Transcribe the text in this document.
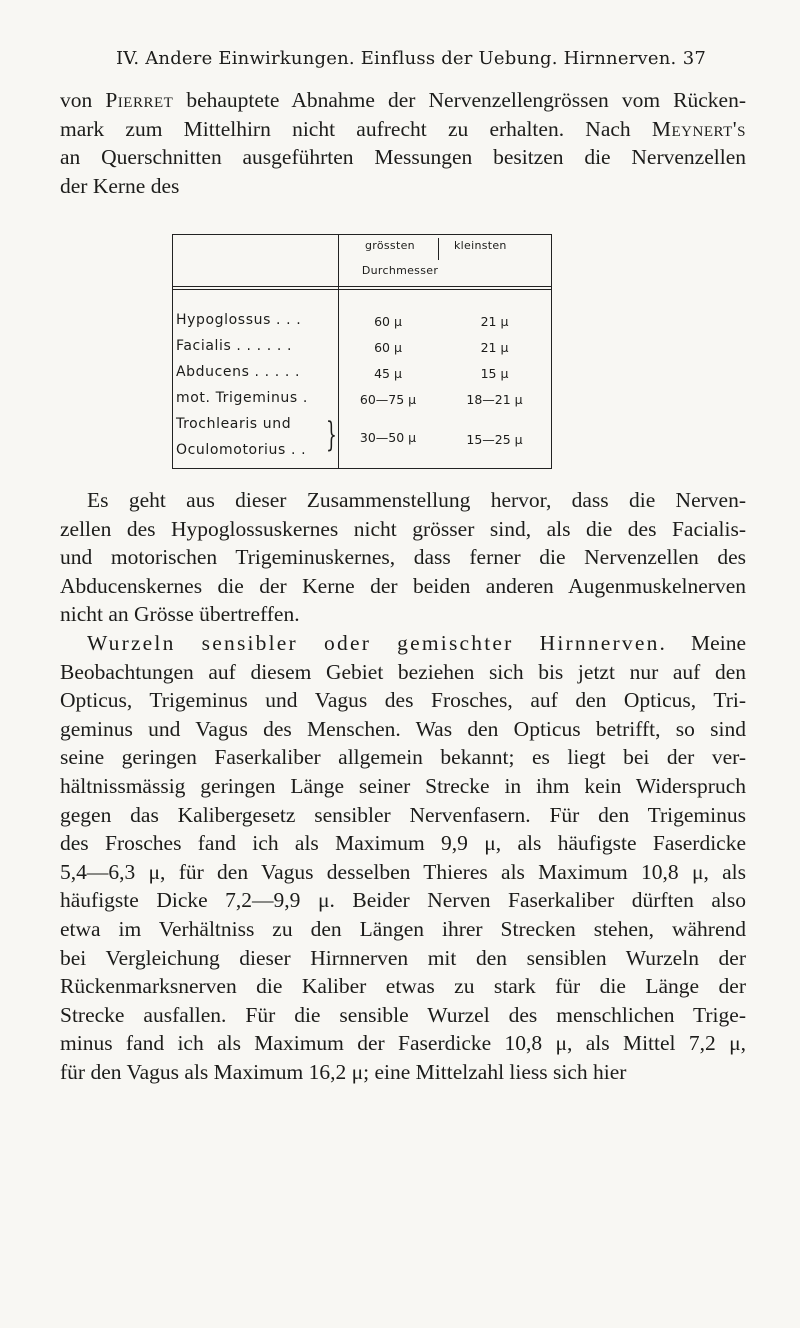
IV. Andere Einwirkungen. Einfluss der Uebung. Hirnnerven. 37
von Pierret behauptete Abnahme der Nervenzellengrössen vom Rücken-
mark zum Mittelhirn nicht aufrecht zu erhalten. Nach Meynert's
an Querschnitten ausgeführten Messungen besitzen die Nervenzellen
der Kerne des
grössten	kleinsten
Durchmesser
Hypoglossus . . .	60 μ	21 μ
Facialis . . . . . .	60 μ	21 μ
Abducens . . . . .	45 μ	15 μ
mot. Trigeminus .	60—75 μ	18—21 μ
Trochlearis und
Oculomotorius . . }	30—50 μ	15—25 μ
Es geht aus dieser Zusammenstellung hervor, dass die Nerven-
zellen des Hypoglossuskernes nicht grösser sind, als die des Facialis-
und motorischen Trigeminuskernes, dass ferner die Nervenzellen des
Abducenskernes die der Kerne der beiden anderen Augenmuskelnerven
nicht an Grösse übertreffen.
Wurzeln sensibler oder gemischter Hirnnerven. Meine
Beobachtungen auf diesem Gebiet beziehen sich bis jetzt nur auf den
Opticus, Trigeminus und Vagus des Frosches, auf den Opticus, Tri-
geminus und Vagus des Menschen. Was den Opticus betrifft, so sind
seine geringen Faserkaliber allgemein bekannt; es liegt bei der ver-
hältnissmässig geringen Länge seiner Strecke in ihm kein Widerspruch
gegen das Kalibergesetz sensibler Nervenfasern. Für den Trigeminus
des Frosches fand ich als Maximum 9,9 μ, als häufigste Faserdicke
5,4—6,3 μ, für den Vagus desselben Thieres als Maximum 10,8 μ, als
häufigste Dicke 7,2—9,9 μ. Beider Nerven Faserkaliber dürften also
etwa im Verhältniss zu den Längen ihrer Strecken stehen, während
bei Vergleichung dieser Hirnnerven mit den sensiblen Wurzeln der
Rückenmarksnerven die Kaliber etwas zu stark für die Länge der
Strecke ausfallen. Für die sensible Wurzel des menschlichen Trige-
minus fand ich als Maximum der Faserdicke 10,8 μ, als Mittel 7,2 μ,
für den Vagus als Maximum 16,2 μ; eine Mittelzahl liess sich hier
